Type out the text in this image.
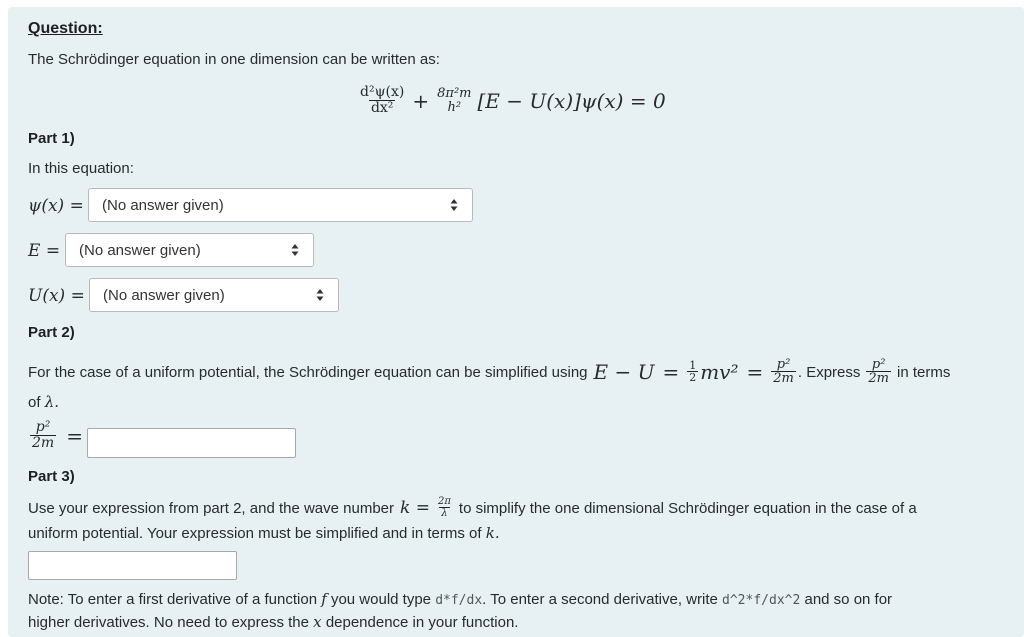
Question:
The Schrödinger equation in one dimension can be written as:
$\frac{\text{d²ψ(x)}}{\text{dx²}} + 8\pi^2m$
h² [E − U(x)]ψ(x) = 0
Part 1)
In this equation:
ψ(x) = (No answer given)
E = (No answer given)
U(x) = (No answer given)
Part 2)
For the case of a uniform potential, the Schrödinger equation can be simplified using $E - U = \frac{1}{2} mv^2 = \frac{\text{p²}}{2m}$ . Express $\frac{\text{p²}}{2m}$ in terms
of λ.
$\frac{\text{p²}}{2m}$ =
Part 3)
Use your expression from part 2, and the wave number $k = \frac{2\pi}{\lambda}$ to simplify the one dimensional Schrödinger equation in the case of a
uniform potential. Your expression must be simplified and in terms of k.
Note: To enter a first derivative of a function f you would type d*f/dx. To enter a second derivative, write d^2*f/dx^2 and so on for
higher derivatives. No need to express the x dependence in your function.
